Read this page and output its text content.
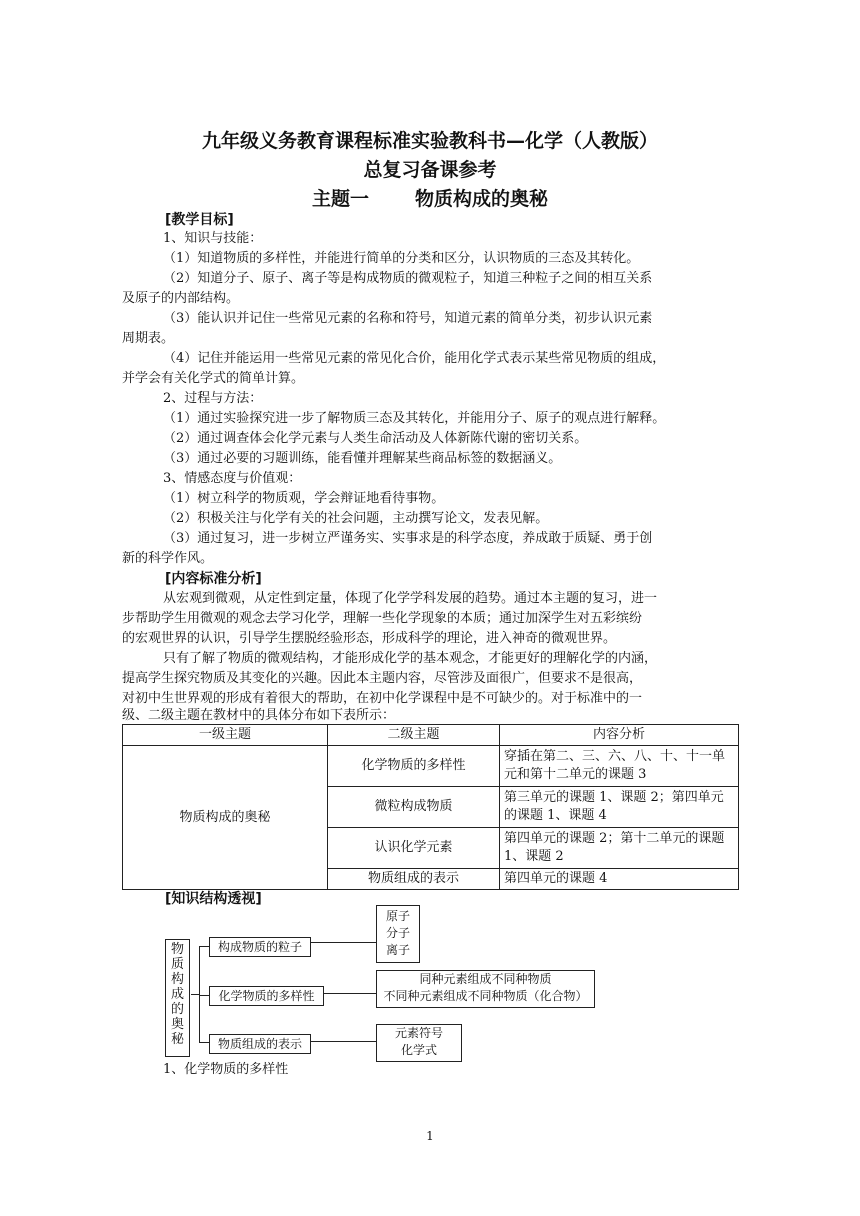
九年级义务教育课程标准实验教科书—化学（人教版）
总复习备课参考
主题一 物质构成的奥秘
[教学目标]
1、知识与技能：
（1）知道物质的多样性，并能进行简单的分类和区分，认识物质的三态及其转化。
（2）知道分子、原子、离子等是构成物质的微观粒子，知道三种粒子之间的相互关系
及原子的内部结构。
（3）能认识并记住一些常见元素的名称和符号，知道元素的简单分类，初步认识元素
周期表。
（4）记住并能运用一些常见元素的常见化合价，能用化学式表示某些常见物质的组成，
并学会有关化学式的简单计算。
2、过程与方法：
（1）通过实验探究进一步了解物质三态及其转化，并能用分子、原子的观点进行解释。
（2）通过调查体会化学元素与人类生命活动及人体新陈代谢的密切关系。
（3）通过必要的习题训练，能看懂并理解某些商品标签的数据涵义。
3、情感态度与价值观：
（1）树立科学的物质观，学会辩证地看待事物。
（2）积极关注与化学有关的社会问题，主动撰写论文，发表见解。
（3）通过复习，进一步树立严谨务实、实事求是的科学态度，养成敢于质疑、勇于创
新的科学作风。
[内容标准分析]
从宏观到微观，从定性到定量，体现了化学学科发展的趋势。通过本主题的复习，进一
步帮助学生用微观的观念去学习化学，理解一些化学现象的本质；通过加深学生对五彩缤纷
的宏观世界的认识，引导学生摆脱经验形态，形成科学的理论，进入神奇的微观世界。
只有了解了物质的微观结构，才能形成化学的基本观念，才能更好的理解化学的内涵，
提高学生探究物质及其变化的兴趣。因此本主题内容，尽管涉及面很广，但要求不是很高，
对初中生世界观的形成有着很大的帮助，在初中化学课程中是不可缺少的。对于标准中的一
级、二级主题在教材中的具体分布如下表所示：
一级主题	二级主题	内容分析
物质构成的奥秘	化学物质的多样性	穿插在第二、三、六、八、十、十一单元和第十二单元的课题 3
	微粒构成物质	第三单元的课题 1、课题 2；第四单元的课题 1、课题 4
	认识化学元素	第四单元的课题 2；第十二单元的课题 1、课题 2
	物质组成的表示	第四单元的课题 4
[知识结构透视]
物
质
构
成
的
奥
秘
构成物质的粒子
原子
分子
离子
化学物质的多样性
同种元素组成不同种物质
不同种元素组成不同种物质（化合物）
物质组成的表示
元素符号
化学式
1、化学物质的多样性
1
